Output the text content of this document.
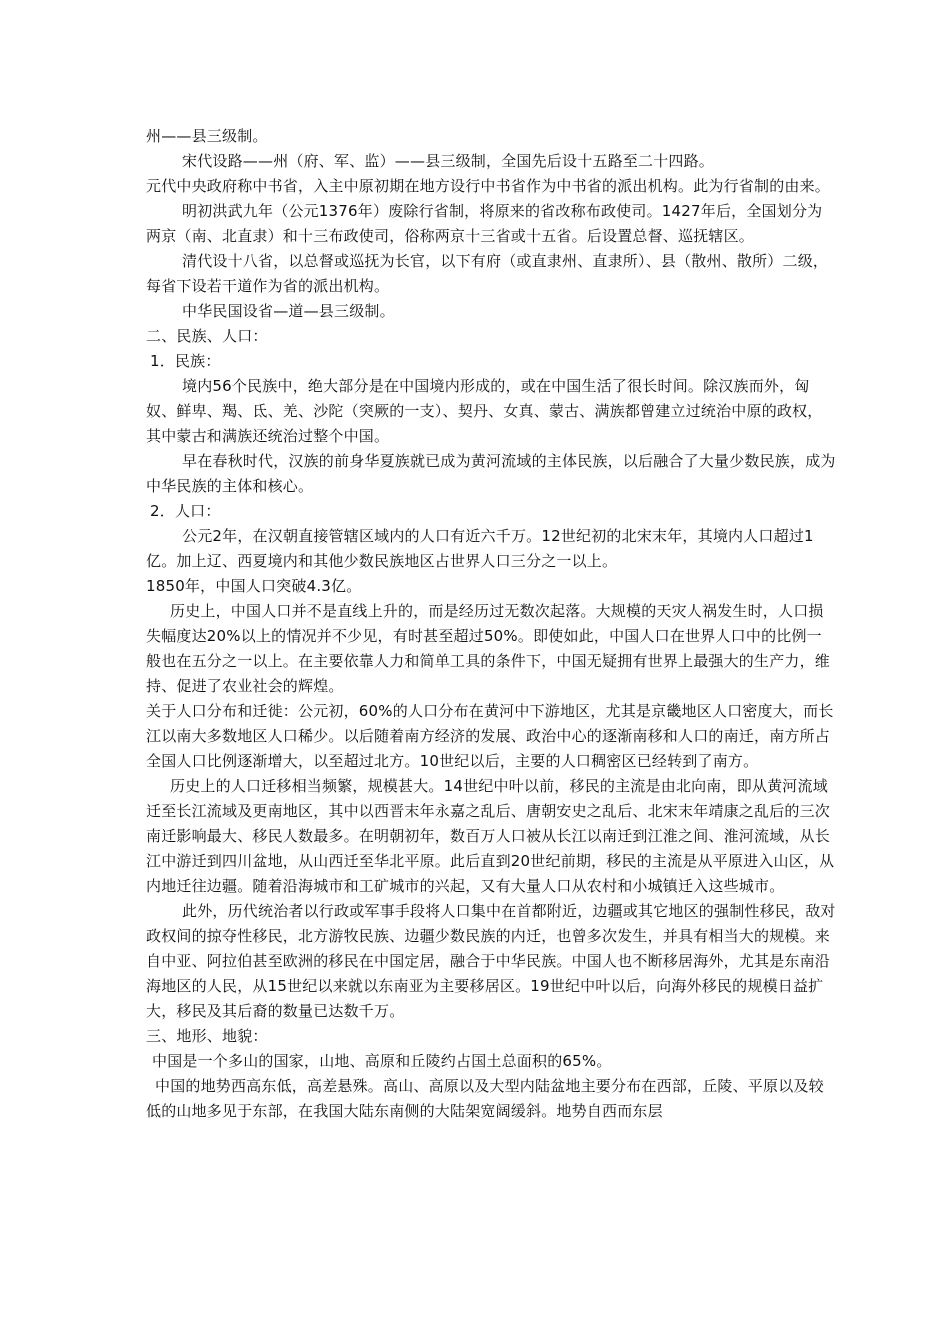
州——县三级制。

宋代设路——州（府、军、监）——县三级制，全国先后设十五路至二十四路。

元代中央政府称中书省，入主中原初期在地方设行中书省作为中书省的派出机构。此为行省制的由来。

明初洪武九年（公元1376年）废除行省制，将原来的省改称布政使司。1427年后，全国划分为两京（南、北直隶）和十三布政使司，俗称两京十三省或十五省。后设置总督、巡抚辖区。

清代设十八省，以总督或巡抚为长官，以下有府（或直隶州、直隶所）、县（散州、散所）二级，每省下设若干道作为省的派出机构。

中华民国设省—道—县三级制。

二、民族、人口：

1．民族：

境内56个民族中，绝大部分是在中国境内形成的，或在中国生活了很长时间。除汉族而外，匈奴、鲜卑、羯、氐、羌、沙陀（突厥的一支）、契丹、女真、蒙古、满族都曾建立过统治中原的政权，其中蒙古和满族还统治过整个中国。

早在春秋时代，汉族的前身华夏族就已成为黄河流域的主体民族，以后融合了大量少数民族，成为中华民族的主体和核心。

2．人口：

公元2年，在汉朝直接管辖区域内的人口有近六千万。12世纪初的北宋末年，其境内人口超过1亿。加上辽、西夏境内和其他少数民族地区占世界人口三分之一以上。

1850年，中国人口突破4.3亿。

历史上，中国人口并不是直线上升的，而是经历过无数次起落。大规模的天灾人祸发生时，人口损失幅度达20%以上的情况并不少见，有时甚至超过50%。即使如此，中国人口在世界人口中的比例一般也在五分之一以上。在主要依靠人力和简单工具的条件下，中国无疑拥有世界上最强大的生产力，维持、促进了农业社会的辉煌。

关于人口分布和迁徙：公元初，60%的人口分布在黄河中下游地区，尤其是京畿地区人口密度大，而长江以南大多数地区人口稀少。以后随着南方经济的发展、政治中心的逐渐南移和人口的南迁，南方所占全国人口比例逐渐增大，以至超过北方。10世纪以后，主要的人口稠密区已经转到了南方。

历史上的人口迁移相当频繁，规模甚大。14世纪中叶以前，移民的主流是由北向南，即从黄河流域迁至长江流域及更南地区，其中以西晋末年永嘉之乱后、唐朝安史之乱后、北宋末年靖康之乱后的三次南迁影响最大、移民人数最多。在明朝初年，数百万人口被从长江以南迁到江淮之间、淮河流域，从长江中游迁到四川盆地，从山西迁至华北平原。此后直到20世纪前期，移民的主流是从平原进入山区，从内地迁往边疆。随着沿海城市和工矿城市的兴起，又有大量人口从农村和小城镇迁入这些城市。

此外，历代统治者以行政或军事手段将人口集中在首都附近，边疆或其它地区的强制性移民，敌对政权间的掠夺性移民，北方游牧民族、边疆少数民族的内迁，也曾多次发生，并具有相当大的规模。来自中亚、阿拉伯甚至欧洲的移民在中国定居，融合于中华民族。中国人也不断移居海外，尤其是东南沿海地区的人民，从15世纪以来就以东南亚为主要移居区。19世纪中叶以后，向海外移民的规模日益扩大，移民及其后裔的数量已达数千万。

三、地形、地貌：

中国是一个多山的国家，山地、高原和丘陵约占国土总面积的65%。

中国的地势西高东低，高差悬殊。高山、高原以及大型内陆盆地主要分布在西部，丘陵、平原以及较低的山地多见于东部，在我国大陆东南侧的大陆架宽阔缓斜。地势自西而东层
